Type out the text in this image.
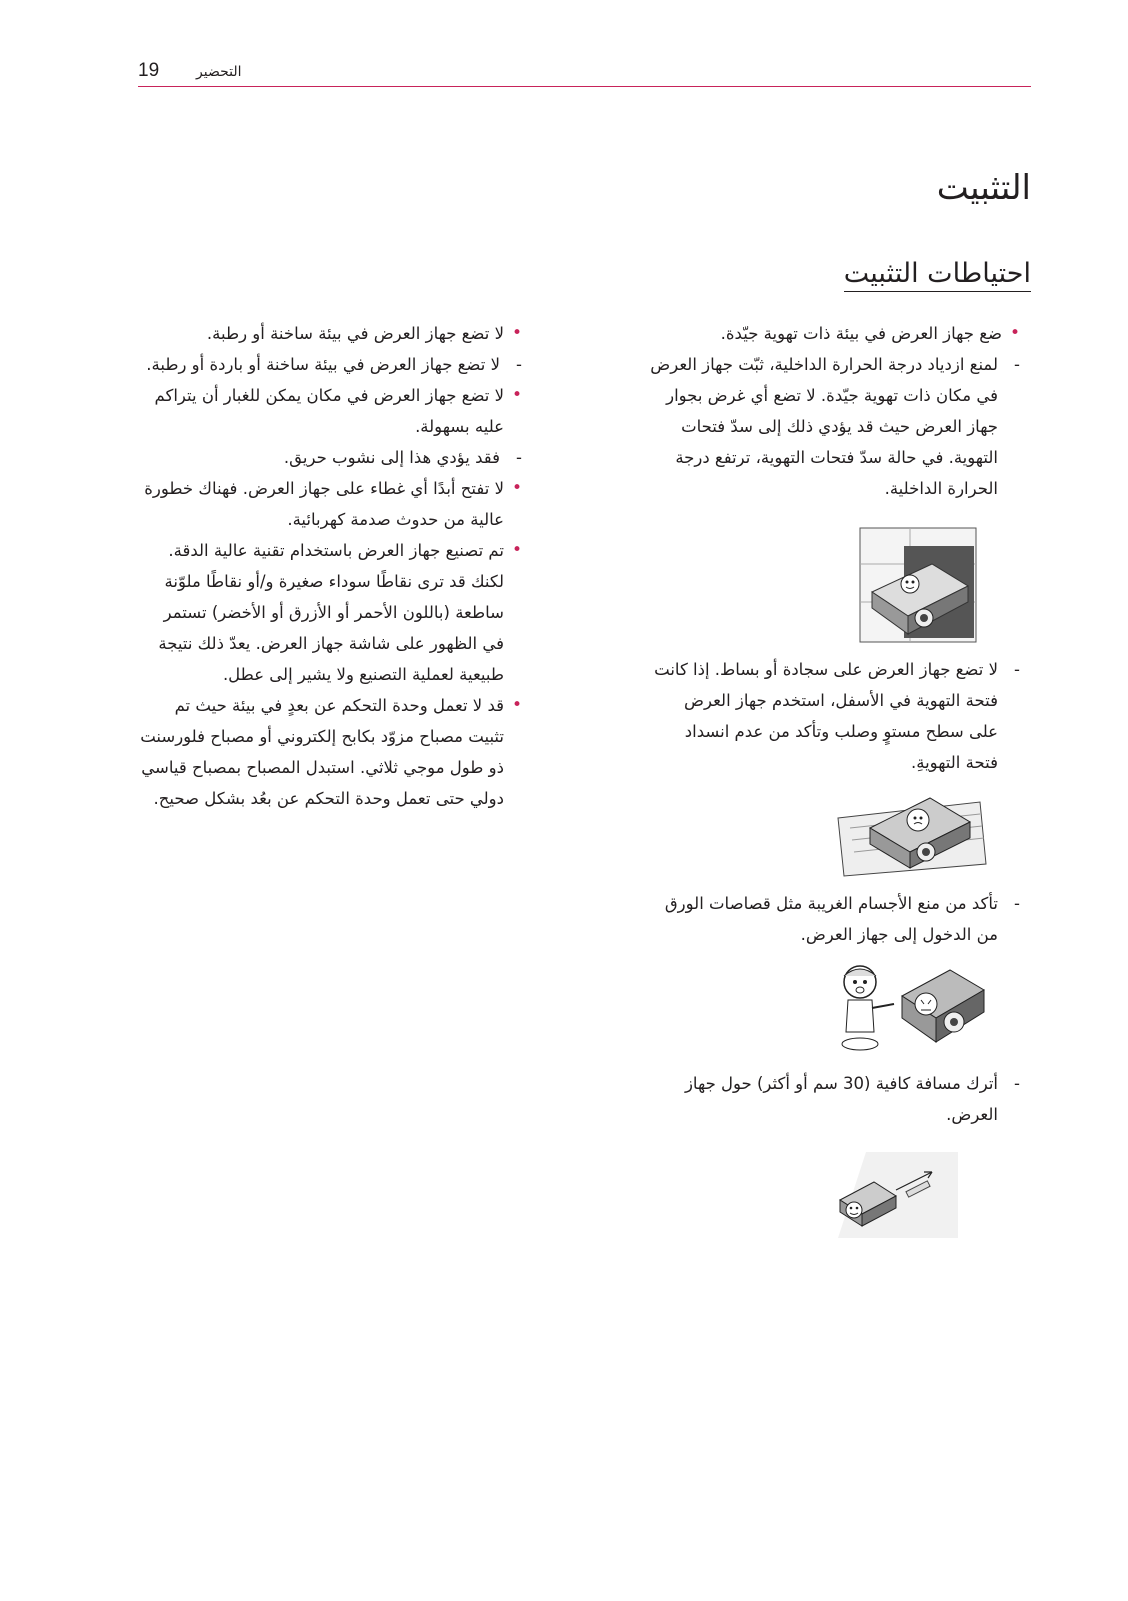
19	التحضير
التثبيت
احتياطات التثبيت

• ضع جهاز العرض في بيئة ذات تهوية جيّدة.

-
لمنع ازدياد درجة الحرارة الداخلية، ثبّت جهاز العرض في مكان ذات تهوية جيّدة. لا تضع أي غرض بجوار جهاز العرض حيث قد يؤدي ذلك إلى سدّ فتحات التهوية. في حالة سدّ فتحات التهوية، ترتفع درجة الحرارة الداخلية.

-
لا تضع جهاز العرض على سجادة أو بساط. إذا كانت فتحة التهوية في الأسفل، استخدم جهاز العرض على سطح مستوٍ وصلب وتأكد من عدم انسداد فتحة التهويةِ.

-
تأكد من منع الأجسام الغريبة مثل قصاصات الورق من الدخول إلى جهاز العرض.

-
أترك مسافة كافية (30 سم أو أكثر) حول جهاز العرض.

• لا تضع جهاز العرض في بيئة ساخنة أو رطبة.

-
لا تضع جهاز العرض في بيئة ساخنة أو باردة أو رطبة.

• لا تضع جهاز العرض في مكان يمكن للغبار أن يتراكم عليه بسهولة.

-
فقد يؤدي هذا إلى نشوب حريق.

• لا تفتح أبدًا أي غطاء على جهاز العرض. فهناك خطورة عالية من حدوث صدمة كهربائية.

• تم تصنيع جهاز العرض باستخدام تقنية عالية الدقة. لكنك قد ترى نقاطًا سوداء صغيرة و/أو نقاطًا ملوّنة ساطعة (باللون الأحمر أو الأزرق أو الأخضر) تستمر في الظهور على شاشة جهاز العرض. يعدّ ذلك نتيجة طبيعية لعملية التصنيع ولا يشير إلى عطل.

• قد لا تعمل وحدة التحكم عن بعدٍ في بيئة حيث تم تثبيت مصباح مزوّد بكابح إلكتروني أو مصباح فلورسنت ذو طول موجي ثلاثي. استبدل المصباح بمصباح قياسي دولي حتى تعمل وحدة التحكم عن بعُد بشكل صحيح.
